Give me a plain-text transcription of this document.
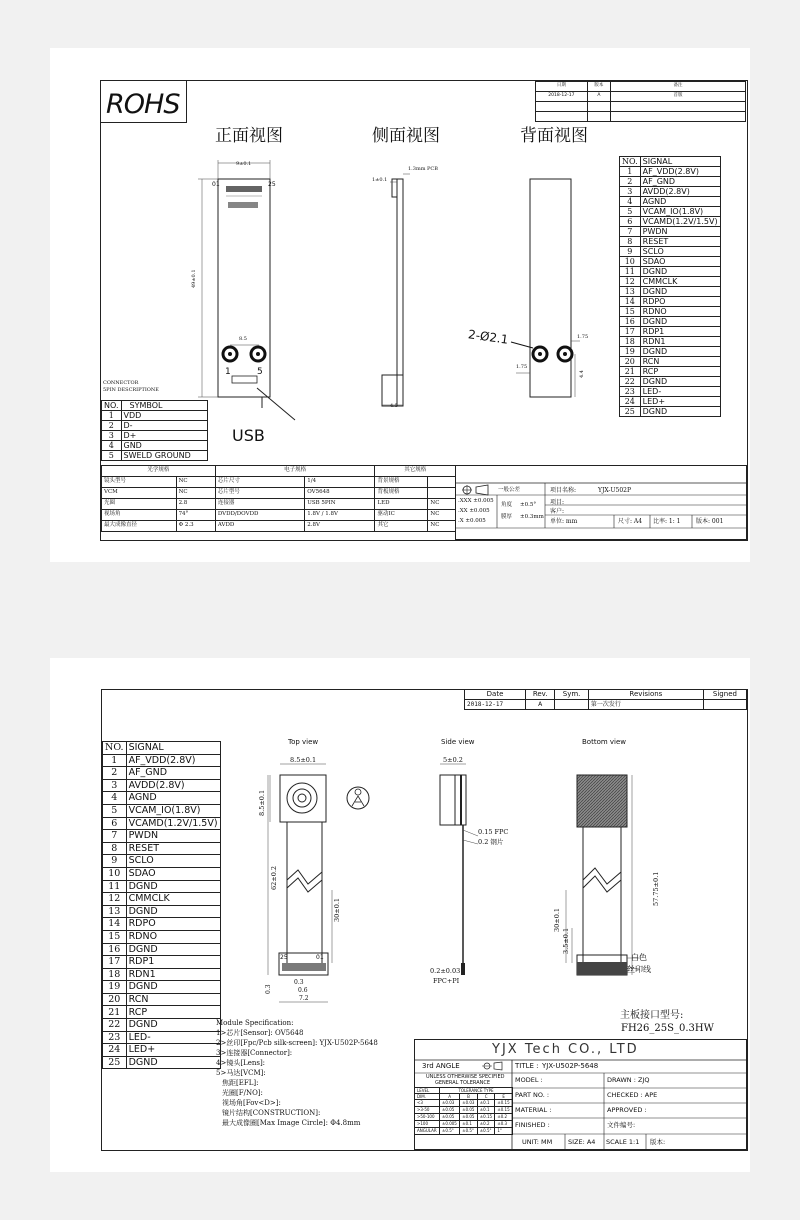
ROHS
日期	版本	备注
2018-12-17	A	首版

正面视图	侧面视图	背面视图
9±0.1
49±0.1
01	25
8.5
1	5
1±0.1
1.3mm PCB
4.5
2-Ø2.1	1.75
1.75
4.4
NO.	SIGNAL
1	AF_VDD(2.8V)
2	AF_GND
3	AVDD(2.8V)
4	AGND
5	VCAM_IO(1.8V)
6	VCAMD(1.2V/1.5V)
7	PWDN
8	RESET
9	SCLO
10	SDAO
11	DGND
12	CMMCLK
13	DGND
14	RDPO
15	RDNO
16	DGND
17	RDP1
18	RDN1
19	DGND
20	RCN
21	RCP
22	DGND
23	LED-
24	LED+
25	DGND
CONNECTOR
5PIN DESCRIPTIONE
NO.	SYMBOL
1	VDD
2	D-
3	D+
4	GND
5	SWELD GROUND
USB
光学规格		电子规格		其它规格	
镜头型号	NC	芯片尺寸	1/4	背景规格	
VCM	NC	芯片型号	OV5648	背板规格	
光圈	2.8	连接器	USB 5PIN	LED	NC
视场角	74°	DVDD/DOVDD	1.8V / 1.8V	驱动IC	NC
最大成像直径	Φ 2.3	AVDD	2.8V	其它	NC
一般公差
.XXX ±0.005
.XX ±0.005
.X ±0.005
角度 ±0.5°
膜厚 ±0.3mm
项目名称:	YJX-U502P
项目:
客户:
单位: mm	尺寸: A4 比率: 1: 1	版本: 001
Date	Rev.	Sym.	Revisions	Signed
2018-12-17	A		第一次发行	
Top view	Side view	Bottom view
NO.	SIGNAL
1	AF_VDD(2.8V)
2	AF_GND
3	AVDD(2.8V)
4	AGND
5	VCAM_IO(1.8V)
6	VCAMD(1.2V/1.5V)
7	PWDN
8	RESET
9	SCLO
10	SDAO
11	DGND
12	CMMCLK
13	DGND
14	RDPO
15	RDNO
16	DGND
17	RDP1
18	RDN1
19	DGND
20	RCN
21	RCP
22	DGND
23	LED-
24	LED+
25	DGND
8.5±0.1
8.5±0.1
62±0.2
30±0.1
25	01
0.3
0.3
0.6
7.2
5±0.2
0.15 FPC
0.2 钢片
0.2±0.03
FPC+PI
57.75±0.1
30±0.1
3.5±0.1
白色
丝印线
主板接口型号:
FH26_25S_0.3HW
Module Specification:
1>芯片[Sensor]: OV5648
2>丝印[Fpc/Pcb silk-screen]: YJX-U502P-5648
3>连接器[Connector]:
4>镜头[Lens]:
5>马达[VCM]:
焦距[EFL]:
光圈[F/NO]:
视场角[Fov<D>]:
镜片结构[CONSTRUCTION]:
最大成像圈[Max Image Circle]: Φ4.8mm
YJX Tech CO., LTD
3rd ANGLE	TITLE : YJX-U502P-5648
UNLESS OTHERWISE SPECIFIED
GENERAL TOLERANCE
LEVEL	TOLERANCE TYPE			
DIM.	A	B	C	E
<3	±0.03	±0.03	±0.1	±0.15
>3-50	±0.05	±0.05	±0.1	±0.15
>50-100	±0.05	±0.05	±0.15	±0.2
>100	±0.005	±0.1	±0.2	±0.3
ANGULAR	±0.5°	±0.5°	±0.5°	1°
MODEL :
PART NO. :
MATERIAL :
FINISHED :
DRAWN : ZJQ
CHECKED : APE
APPROVED :
文件编号:
UNIT: MM SIZE: A4 SCALE 1:1 版本:
